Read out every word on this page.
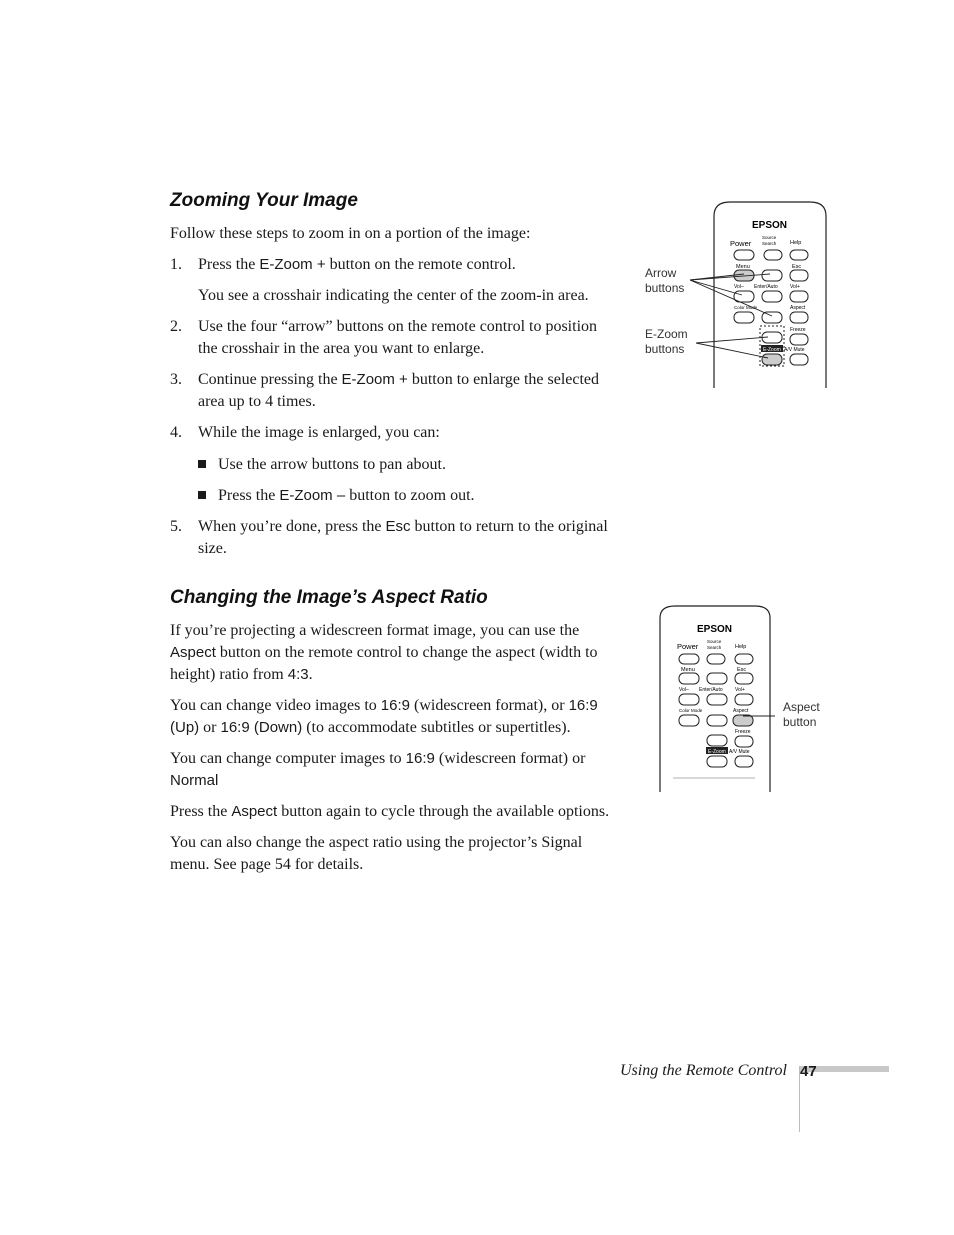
Zooming Your Image

Follow these steps to zoom in on a portion of the image:

1. Press the E-Zoom + button on the remote control.
You see a crosshair indicating the center of the zoom-in area.
2. Use the four “arrow” buttons on the remote control to position
the crosshair in the area you want to enlarge.
3. Continue pressing the E-Zoom + button to enlarge the selected
area up to 4 times.
4. While the image is enlarged, you can:
Use the arrow buttons to pan about.
Press the E-Zoom – button to zoom out.
5. When you’re done, press the Esc button to return to the original
size.
Changing the Image’s Aspect Ratio

If you’re projecting a widescreen format image, you can use the
Aspect button on the remote control to change the aspect (width to
height) ratio from 4:3.

You can change video images to 16:9 (widescreen format), or 16:9
(Up) or 16:9 (Down) (to accommodate subtitles or supertitles).

You can change computer images to 16:9 (widescreen format) or
Normal

Press the Aspect button again to cycle through the available options.

You can also change the aspect ratio using the projector’s Signal
menu. See page 54 for details.

Arrow
buttons
E-Zoom
buttons
EPSON
Power
Source
Search Help
Menu	Esc
Vol– Enter/Auto Vol+
Color Mode	Aspect
Freeze
E-Zoom A/V Mute
Aspect
button
EPSON
Power
Source
Search Help
Menu	Esc
Vol– Enter/Auto Vol+
Color Mode	Aspect
Freeze
E-Zoom A/V Mute
Using the Remote Control 47
